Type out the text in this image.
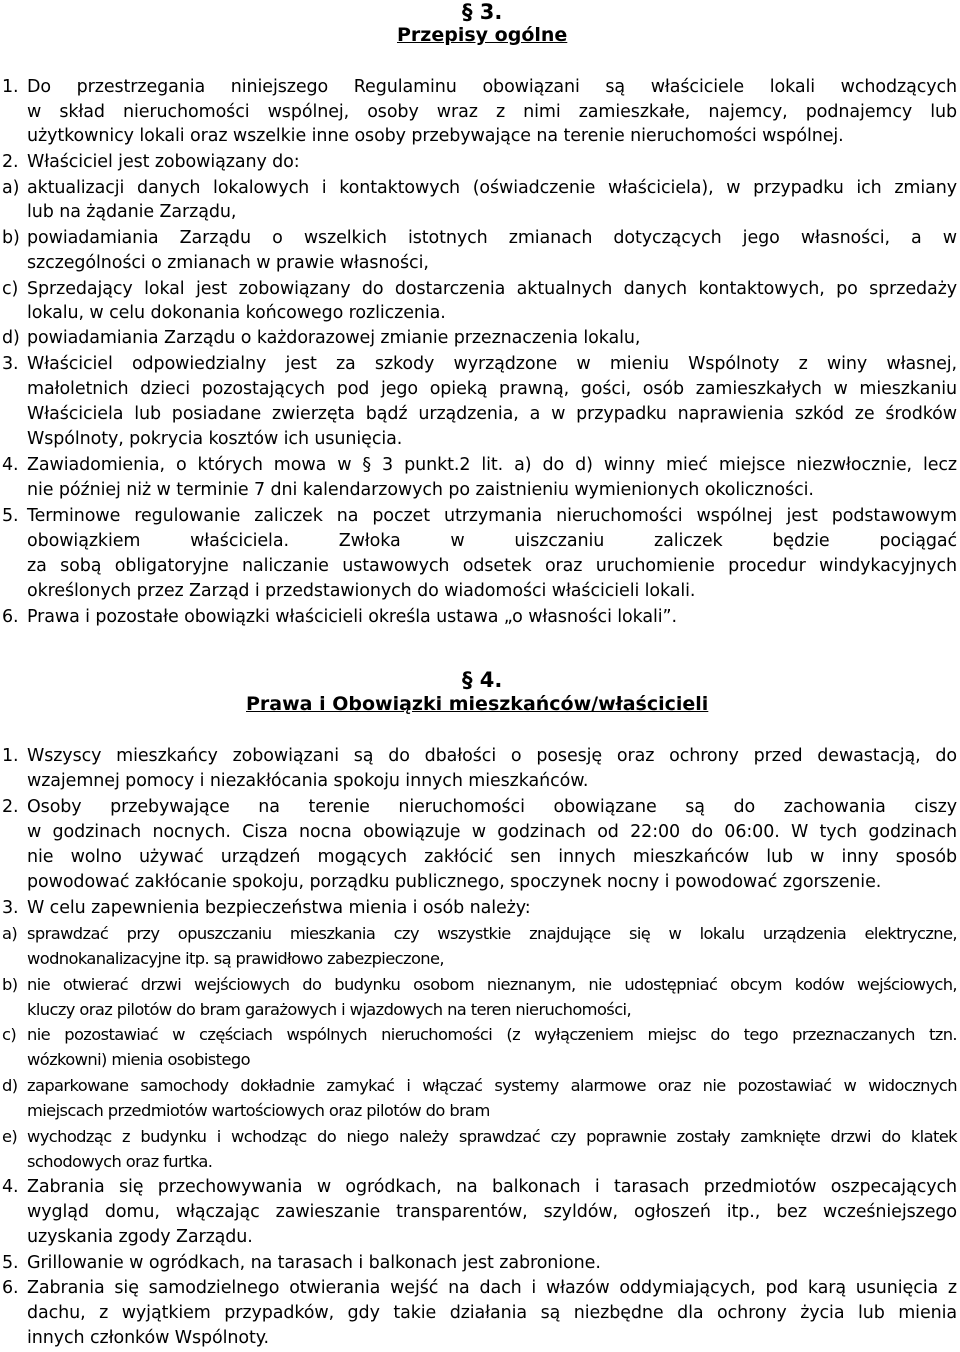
§ 3.
Przepisy ogólne
1. Do przestrzegania niniejszego Regulaminu obowiązani są właściciele lokali wchodzących
w skład nieruchomości wspólnej, osoby wraz z nimi zamieszkałe, najemcy, podnajemcy lub
użytkownicy lokali oraz wszelkie inne osoby przebywające na terenie nieruchomości wspólnej.
2. Właściciel jest zobowiązany do:
a) aktualizacji danych lokalowych i kontaktowych (oświadczenie właściciela), w przypadku ich zmiany
lub na żądanie Zarządu,
b) powiadamiania Zarządu o wszelkich istotnych zmianach dotyczących jego własności, a w
szczególności o zmianach w prawie własności,
c) Sprzedający lokal jest zobowiązany do dostarczenia aktualnych danych kontaktowych, po sprzedaży
lokalu, w celu dokonania końcowego rozliczenia.
d) powiadamiania Zarządu o każdorazowej zmianie przeznaczenia lokalu,
3. Właściciel odpowiedzialny jest za szkody wyrządzone w mieniu Wspólnoty z winy własnej,
małoletnich dzieci pozostających pod jego opieką prawną, gości, osób zamieszkałych w mieszkaniu
Właściciela lub posiadane zwierzęta bądź urządzenia, a w przypadku naprawienia szkód ze środków
Wspólnoty, pokrycia kosztów ich usunięcia.
4. Zawiadomienia, o których mowa w § 3 punkt.2 lit. a) do d) winny mieć miejsce niezwłocznie, lecz
nie później niż w terminie 7 dni kalendarzowych po zaistnieniu wymienionych okoliczności.
5. Terminowe regulowanie zaliczek na poczet utrzymania nieruchomości wspólnej jest podstawowym
obowiązkiem właściciela. Zwłoka w uiszczaniu zaliczek będzie pociągać
za sobą obligatoryjne naliczanie ustawowych odsetek oraz uruchomienie procedur windykacyjnych
określonych przez Zarząd i przedstawionych do wiadomości właścicieli lokali.
6. Prawa i pozostałe obowiązki właścicieli określa ustawa „o własności lokali”.
§ 4.
Prawa i Obowiązki mieszkańców/właścicieli
1. Wszyscy mieszkańcy zobowiązani są do dbałości o posesję oraz ochrony przed dewastacją, do
wzajemnej pomocy i niezakłócania spokoju innych mieszkańców.
2. Osoby przebywające na terenie nieruchomości obowiązane są do zachowania ciszy
w godzinach nocnych. Cisza nocna obowiązuje w godzinach od 22:00 do 06:00. W tych godzinach
nie wolno używać urządzeń mogących zakłócić sen innych mieszkańców lub w inny sposób
powodować zakłócanie spokoju, porządku publicznego, spoczynek nocny i powodować zgorszenie.
3. W celu zapewnienia bezpieczeństwa mienia i osób należy:
a) sprawdzać przy opuszczaniu mieszkania czy wszystkie znajdujące się w lokalu urządzenia elektryczne,
wodnokanalizacyjne itp. są prawidłowo zabezpieczone,
b) nie otwierać drzwi wejściowych do budynku osobom nieznanym, nie udostępniać obcym kodów wejściowych,
kluczy oraz pilotów do bram garażowych i wjazdowych na teren nieruchomości,
c) nie pozostawiać w częściach wspólnych nieruchomości (z wyłączeniem miejsc do tego przeznaczanych tzn.
wózkowni) mienia osobistego
d) zaparkowane samochody dokładnie zamykać i włączać systemy alarmowe oraz nie pozostawiać w widocznych
miejscach przedmiotów wartościowych oraz pilotów do bram
e) wychodząc z budynku i wchodząc do niego należy sprawdzać czy poprawnie zostały zamknięte drzwi do klatek
schodowych oraz furtka.
4. Zabrania się przechowywania w ogródkach, na balkonach i tarasach przedmiotów oszpecających
wygląd domu, włączając zawieszanie transparentów, szyldów, ogłoszeń itp., bez wcześniejszego
uzyskania zgody Zarządu.
5. Grillowanie w ogródkach, na tarasach i balkonach jest zabronione.
6. Zabrania się samodzielnego otwierania wejść na dach i włazów oddymiających, pod karą usunięcia z
dachu, z wyjątkiem przypadków, gdy takie działania są niezbędne dla ochrony życia lub mienia
innych członków Wspólnoty.
